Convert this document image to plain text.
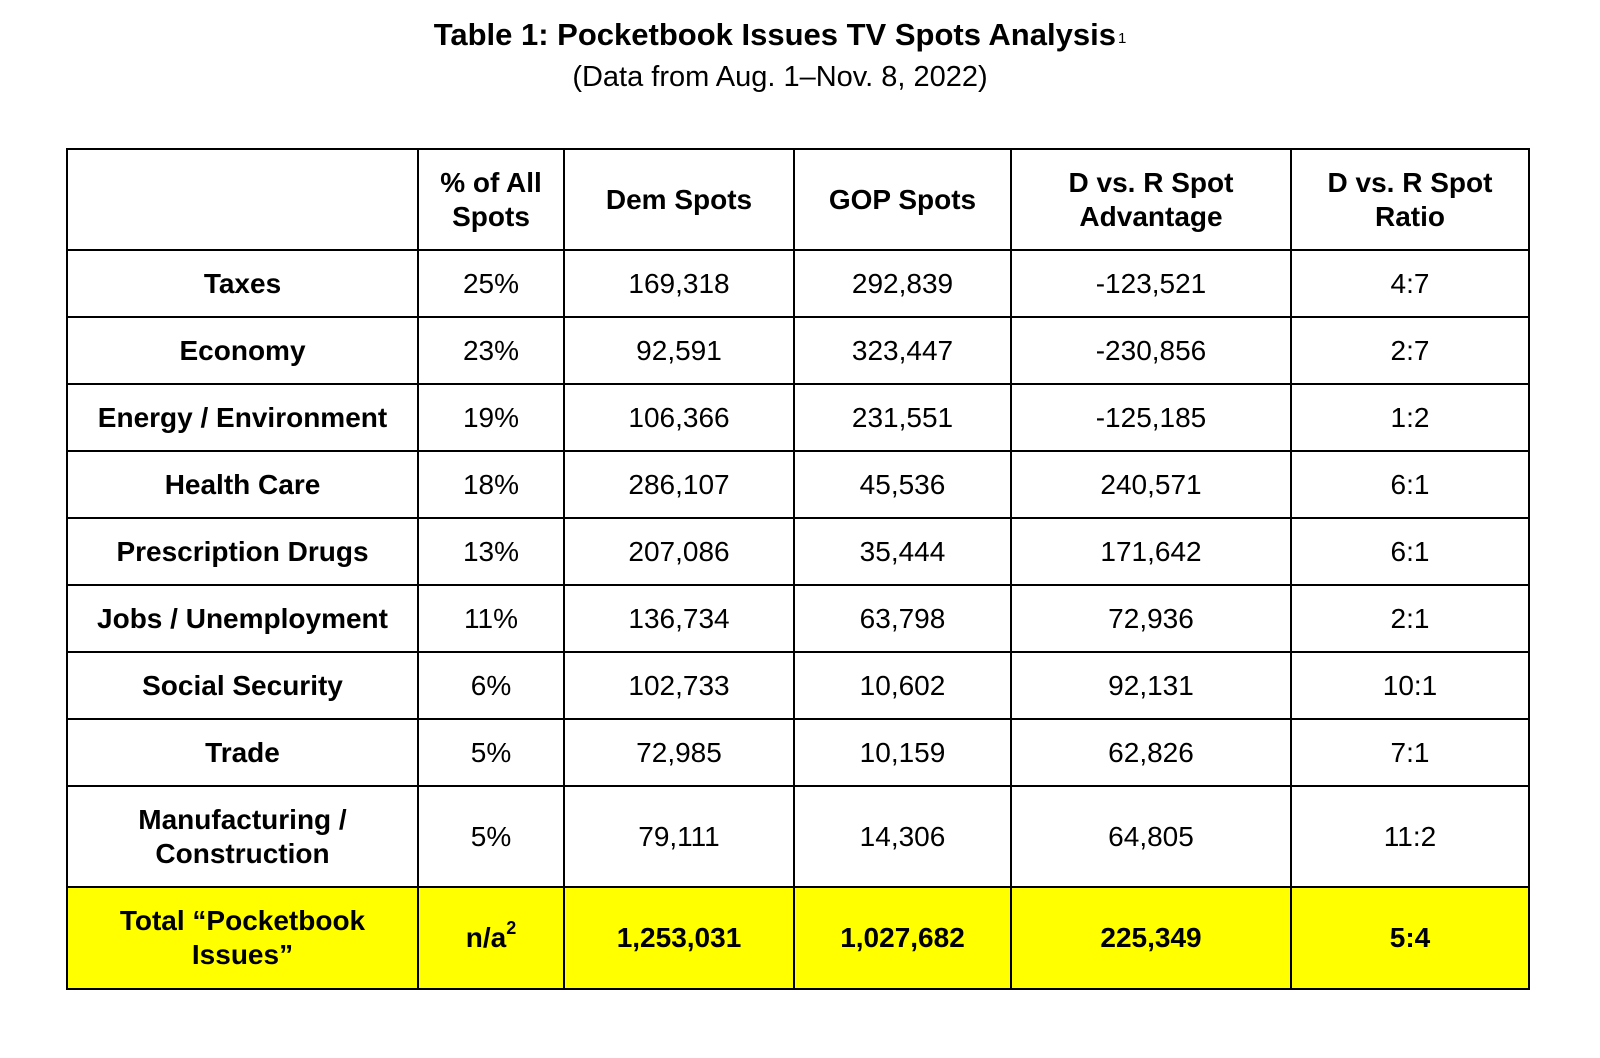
Table 1: Pocketbook Issues TV Spots Analysis $^1$
(Data from Aug. 1–Nov. 8, 2022)
	% of All Spots	Dem Spots	GOP Spots	D vs. R Spot Advantage	D vs. R Spot Ratio
Taxes	25%	169,318	292,839	-123,521	4:7
Economy	23%	92,591	323,447	-230,856	2:7
Energy / Environment	19%	106,366	231,551	-125,185	1:2
Health Care	18%	286,107	45,536	240,571	6:1
Prescription Drugs	13%	207,086	35,444	171,642	6:1
Jobs / Unemployment	11%	136,734	63,798	72,936	2:1
Social Security	6%	102,733	10,602	92,131	10:1
Trade	5%	72,985	10,159	62,826	7:1
Manufacturing / Construction	5%	79,111	14,306	64,805	11:2
Total “Pocketbook Issues”	$n/a^2$	1,253,031	1,027,682	225,349	5:4
